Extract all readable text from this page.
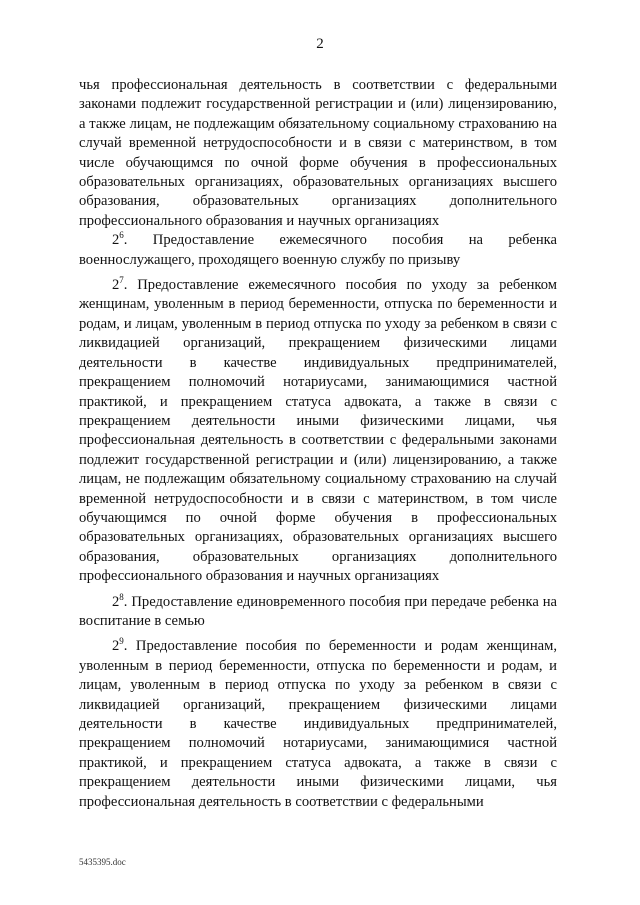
2

чья профессиональная деятельность в соответствии с федеральными законами подлежит государственной регистрации и (или) лицензированию, а также лицам, не подлежащим обязательному социальному страхованию на случай временной нетрудоспособности и в связи с материнством, в том числе обучающимся по очной форме обучения в профессиональных образовательных организациях, образовательных организациях высшего образования, образовательных организациях дополнительного профессионального образования и научных организациях

$2^6$. Предоставление ежемесячного пособия на ребенка военнослужащего, проходящего военную службу по призыву

$2^7$. Предоставление ежемесячного пособия по уходу за ребенком женщинам, уволенным в период беременности, отпуска по беременности и родам, и лицам, уволенным в период отпуска по уходу за ребенком в связи с ликвидацией организаций, прекращением физическими лицами деятельности в качестве индивидуальных предпринимателей, прекращением полномочий нотариусами, занимающимися частной практикой, и прекращением статуса адвоката, а также в связи с прекращением деятельности иными физическими лицами, чья профессиональная деятельность в соответствии с федеральными законами подлежит государственной регистрации и (или) лицензированию, а также лицам, не подлежащим обязательному социальному страхованию на случай временной нетрудоспособности и в связи с материнством, в том числе обучающимся по очной форме обучения в профессиональных образовательных организациях, образовательных организациях высшего образования, образовательных организациях дополнительного профессионального образования и научных организациях

$2^8$. Предоставление единовременного пособия при передаче ребенка на воспитание в семью

$2^9$. Предоставление пособия по беременности и родам женщинам, уволенным в период беременности, отпуска по беременности и родам, и лицам, уволенным в период отпуска по уходу за ребенком в связи с ликвидацией организаций, прекращением физическими лицами деятельности в качестве индивидуальных предпринимателей, прекращением полномочий нотариусами, занимающимися частной практикой, и прекращением статуса адвоката, а также в связи с прекращением деятельности иными физическими лицами, чья профессиональная деятельность в соответствии с федеральными

5435395.doc
